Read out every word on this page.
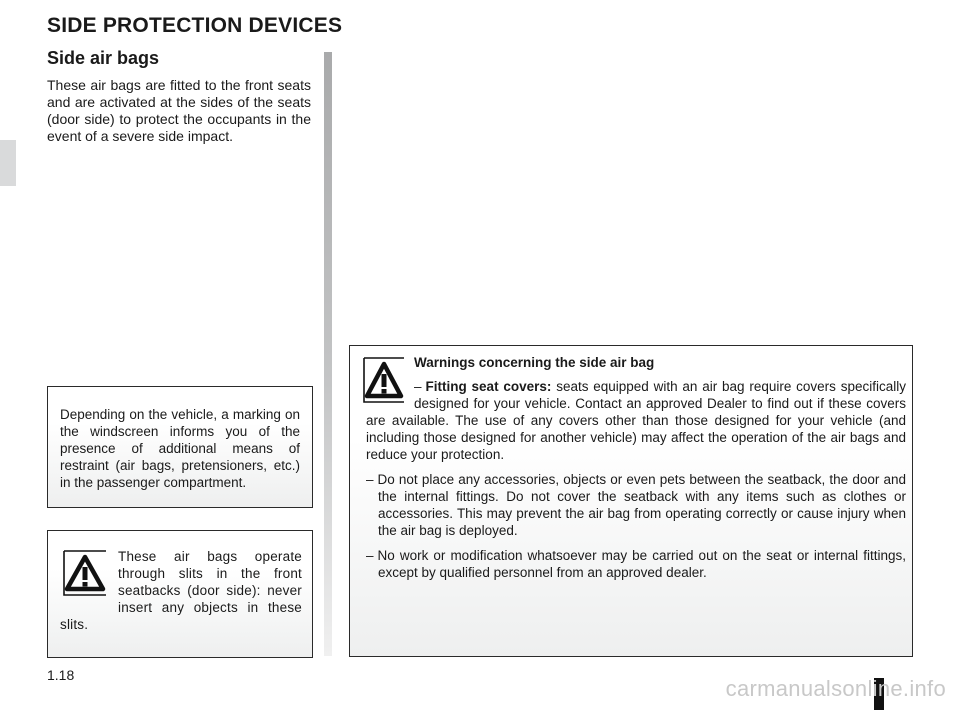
SIDE PROTECTION DEVICES
Side air bags

These air bags are fitted to the front seats and are activated at the sides of the seats (door side) to protect the occupants in the event of a severe side impact.

Depending on the vehicle, a marking on the windscreen informs you of the presence of additional means of restraint (air bags, pretensioners, etc.) in the passenger compartment.

These air bags operate through slits in the front seatbacks (door side): never insert any objects in these slits.

Warnings concerning the side air bag

– Fitting seat covers: seats equipped with an air bag require covers specifically designed for your vehicle. Contact an approved Dealer to find out if these covers are available. The use of any covers other than those designed for your vehicle (and including those designed for another vehicle) may affect the operation of the air bags and reduce your protection.

– Do not place any accessories, objects or even pets between the seatback, the door and the internal fittings. Do not cover the seatback with any items such as clothes or accessories. This may prevent the air bag from operating correctly or cause injury when the air bag is deployed.

– No work or modification whatsoever may be carried out on the seat or internal fittings, except by qualified personnel from an approved dealer.

1.18
carmanualsonline.info
